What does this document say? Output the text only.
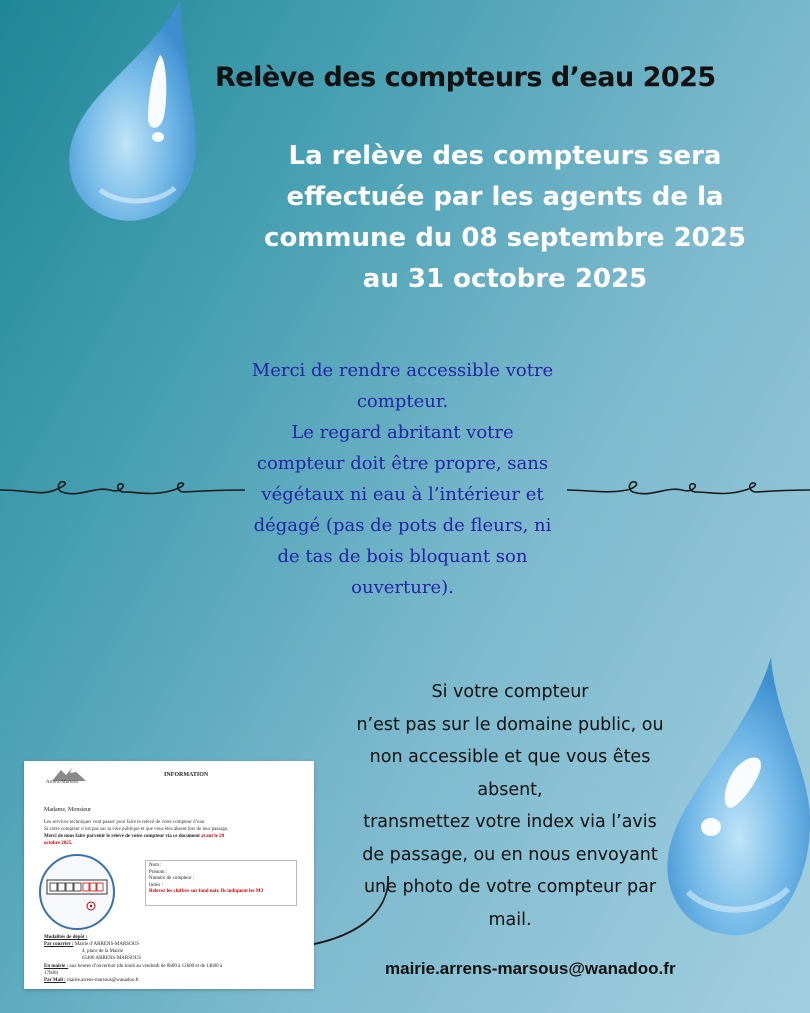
Relève des compteurs d’eau 2025
La relève des compteurs sera
effectuée par les agents de la
commune du 08 septembre 2025
au 31 octobre 2025
Merci de rendre accessible votre
compteur.
Le regard abritant votre
compteur doit être propre, sans
végétaux ni eau à l’intérieur et
dégagé (pas de pots de fleurs, ni
de tas de bois bloquant son
ouverture).
Si votre compteur
n’est pas sur le domaine public, ou
non accessible et que vous êtes
absent,
transmettez votre index via l’avis
de passage, ou en nous envoyant
une photo de votre compteur par
mail.
mairie.arrens-marsous@wanadoo.fr
Arrens-Marsous
INFORMATION
Madame, Monsieur
Les services techniques vont passer pour faire le relevé de votre compteur d’eau.
Si votre compteur n’est pas sur la voie publique et que vous êtes absent lors de leur passage,
Merci de nous faire parvenir le relevé de votre compteur via ce document avant le 20
octobre 2025.
Nom :
Prénom :
Numéro de compteur :
Index :
Relevez les chiffres sur fond noir. Ils indiquent les M3
Modalités de dépôt :
Par courrier : Mairie d’ARRENS-MARSOUS
4, place de la Mairie
65400 ARRENS-MARSOUS
En mairie : aux heures d’ouverture (du lundi au vendredi de 8h00 à 12h00 et de 14h00 à
17h00)
Par Mail : mairie.arrens-marsous@wanadoo.fr
